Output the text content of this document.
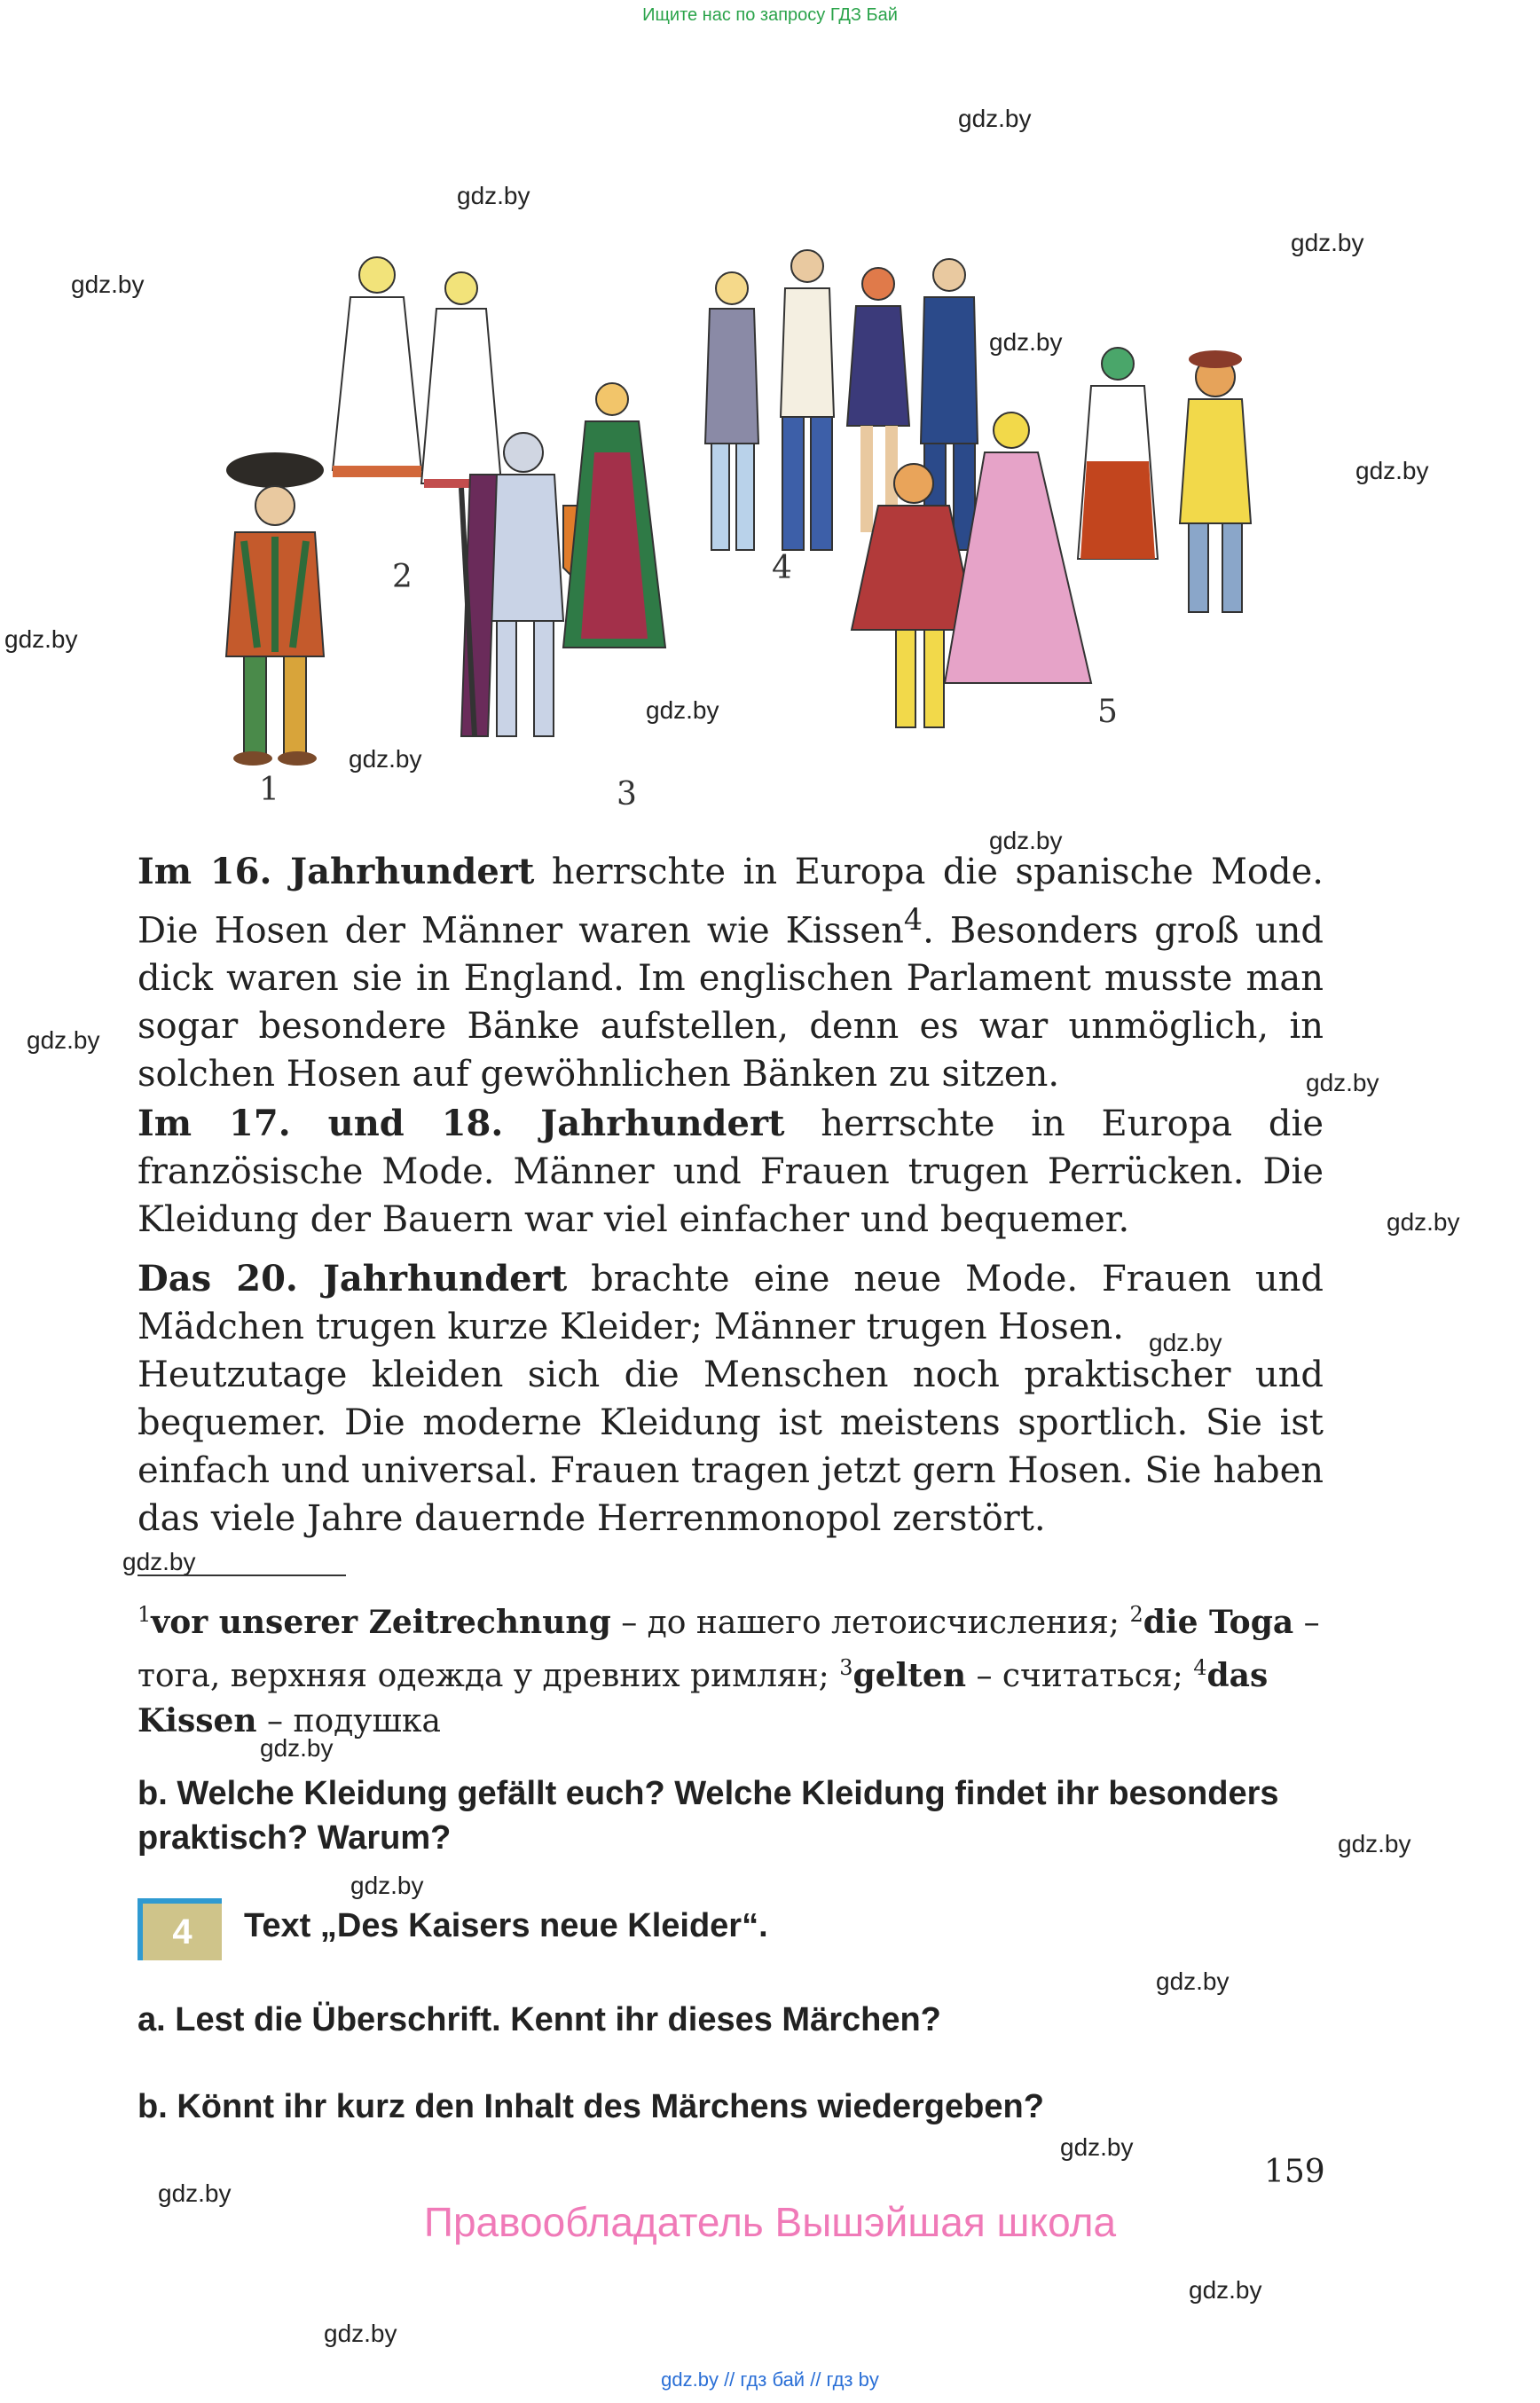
Ищите нас по запросу ГДЗ Бай
gdz.by
gdz.by
gdz.by
gdz.by
gdz.by
gdz.by
gdz.by
gdz.by
gdz.by
gdz.by
gdz.by
gdz.by
gdz.by
gdz.by
gdz.by
gdz.by
gdz.by
gdz.by
gdz.by
gdz.by
gdz.by
gdz.by
gdz.by
1
2
3
4
5

Im 16. Jahrhundert herrschte in Europa die spanische Mode. Die Hosen der Männer waren wie Kissen$^4$. Besonders groß und dick waren sie in England. Im englischen Parlament musste man sogar besondere Bänke aufstellen, denn es war unmöglich, in solchen Hosen auf gewöhnlichen Bänken zu sitzen.

Im 17. und 18. Jahrhundert herrschte in Europa die französische Mode. Männer und Frauen trugen Perrücken. Die Kleidung der Bauern war viel einfacher und bequemer.

Das 20. Jahrhundert brachte eine neue Mode. Frauen und Mädchen trugen kurze Kleider; Männer trugen Hosen.

Heutzutage kleiden sich die Menschen noch praktischer und bequemer. Die moderne Kleidung ist meistens sportlich. Sie ist einfach und universal. Frauen tragen jetzt gern Hosen. Sie haben das viele Jahre dauernde Herrenmonopol zerstört.

$^1$vor unserer Zeitrechnung – до нашего летоисчисления; $^2$die Toga – тога, верхняя одежда у древних римлян; $^3$gelten – считаться; $^4$das Kissen – подушка

b. Welche Kleidung gefällt euch? Welche Kleidung findet ihr besonders praktisch? Warum?

4	Text „Des Kaisers neue Kleider“.

a. Lest die Überschrift. Kennt ihr dieses Märchen?

b. Könnt ihr kurz den Inhalt des Märchens wiedergeben?

159
Правообладатель Вышэйшая школа
gdz.by // гдз бай // гдз by
